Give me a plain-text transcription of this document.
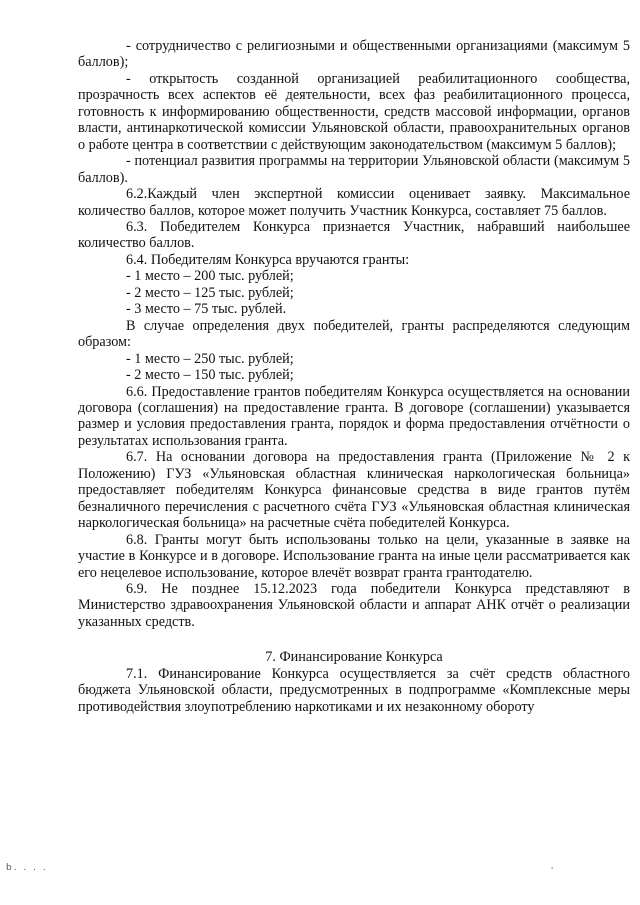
- сотрудничество с религиозными и общественными организациями (максимум 5 баллов);

- открытость созданной организацией реабилитационного сообщества, прозрачность всех аспектов её деятельности, всех фаз реабилитационного процесса, готовность к информированию общественности, средств массовой информации, органов власти, антинаркотической комиссии Ульяновской области, правоохранительных органов о работе центра в соответствии с действующим законодательством (максимум 5 баллов);

- потенциал развития программы на территории Ульяновской области (максимум 5 баллов).

6.2.Каждый член экспертной комиссии оценивает заявку. Максимальное количество баллов, которое может получить Участник Конкурса, составляет 75 баллов.

6.3. Победителем Конкурса признается Участник, набравший наибольшее количество баллов.

6.4. Победителям Конкурса вручаются гранты:

- 1 место – 200 тыс. рублей;

- 2 место – 125 тыс. рублей;

- 3 место – 75 тыс. рублей.

В случае определения двух победителей, гранты распределяются следующим образом:

- 1 место – 250 тыс. рублей;

- 2 место – 150 тыс. рублей;

6.6. Предоставление грантов победителям Конкурса осуществляется на основании договора (соглашения) на предоставление гранта. В договоре (соглашении) указывается размер и условия предоставления гранта, порядок и форма предоставления отчётности о результатах использования гранта.

6.7. На основании договора на предоставления гранта (Приложение № 2 к Положению) ГУЗ «Ульяновская областная клиническая наркологическая больница» предоставляет победителям Конкурса финансовые средства в виде грантов путём безналичного перечисления с расчетного счёта ГУЗ «Ульяновская областная клиническая наркологическая больница» на расчетные счёта победителей Конкурса.

6.8. Гранты могут быть использованы только на цели, указанные в заявке на участие в Конкурсе и в договоре. Использование гранта на иные цели рассматривается как его нецелевое использование, которое влечёт возврат гранта грантодателю.

6.9. Не позднее 15.12.2023 года победители Конкурса представляют в Министерство здравоохранения Ульяновской области и аппарат АНК отчёт о реализации указанных средств.

7. Финансирование Конкурса

7.1. Финансирование Конкурса осуществляется за счёт средств областного бюджета Ульяновской области, предусмотренных в подпрограмме «Комплексные меры противодействия злоупотреблению наркотиками и их незаконному обороту

b. . . .	'
